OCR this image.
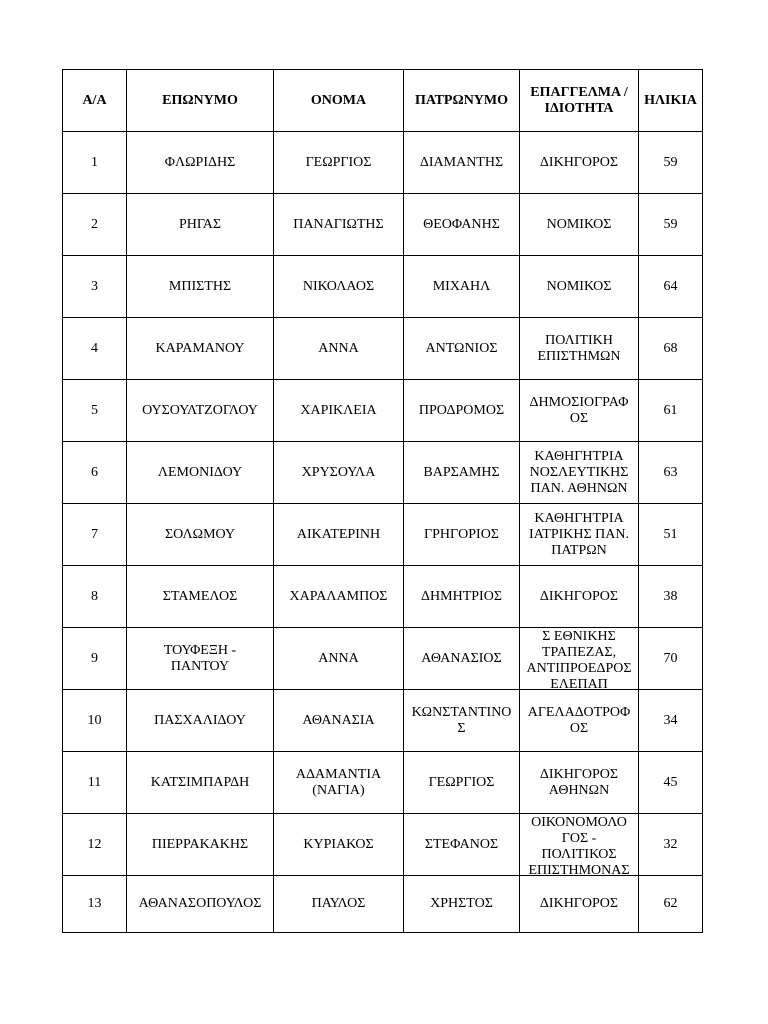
Α/Α	ΕΠΩΝΥΜΟ	ΟΝΟΜΑ	ΠΑΤΡΩΝΥΜΟ	ΕΠΑΓΓΕΛΜΑ / ΙΔΙΟΤΗΤΑ	ΗΛΙΚΙΑ

1	ΦΛΩΡΙΔΗΣ	ΓΕΩΡΓΙΟΣ	ΔΙΑΜΑΝΤΗΣ	ΔΙΚΗΓΟΡΟΣ	59

2	ΡΗΓΑΣ	ΠΑΝΑΓΙΩΤΗΣ	ΘΕΟΦΑΝΗΣ	ΝΟΜΙΚΟΣ	59

3	ΜΠΙΣΤΗΣ	ΝΙΚΟΛΑΟΣ	ΜΙΧΑΗΛ	ΝΟΜΙΚΟΣ	64

4	ΚΑΡΑΜΑΝΟΥ	ΑΝΝΑ	ΑΝΤΩΝΙΟΣ	ΠΟΛΙΤΙΚΗ
ΕΠΙΣΤΗΜΩΝ	68

5	ΟΥΣΟΥΛΤΖΟΓΛΟΥ	ΧΑΡΙΚΛΕΙΑ	ΠΡΟΔΡΟΜΟΣ	ΔΗΜΟΣΙΟΓΡΑΦ
ΟΣ	61

6	ΛΕΜΟΝΙΔΟΥ	ΧΡΥΣΟΥΛΑ	ΒΑΡΣΑΜΗΣ	ΚΑΘΗΓΗΤΡΙΑ
ΝΟΣΛΕΥΤΙΚΗΣ
ΠΑΝ. ΑΘΗΝΩΝ	63

7	ΣΟΛΩΜΟΥ	ΑΙΚΑΤΕΡΙΝΗ	ΓΡΗΓΟΡΙΟΣ	ΚΑΘΗΓΗΤΡΙΑ
ΙΑΤΡΙΚΗΣ ΠΑΝ.
ΠΑΤΡΩΝ	51

8	ΣΤΑΜΕΛΟΣ	ΧΑΡΑΛΑΜΠΟΣ	ΔΗΜΗΤΡΙΟΣ	ΔΙΚΗΓΟΡΟΣ	38

9	ΤΟΥΦΕΞΗ -
ΠΑΝΤΟΥ	ΑΝΝΑ	ΑΘΑΝΑΣΙΟΣ	Σ ΕΘΝΙΚΗΣ
ΤΡΑΠΕΖΑΣ,
ΑΝΤΙΠΡΟΕΔΡΟΣ
ΕΛΕΠΑΠ	70

10	ΠΑΣΧΑΛΙΔΟΥ	ΑΘΑΝΑΣΙΑ	ΚΩΝΣΤΑΝΤΙΝΟ
Σ	ΑΓΕΛΑΔΟΤΡΟΦ
ΟΣ	34

11	ΚΑΤΣΙΜΠΑΡΔΗ	ΑΔΑΜΑΝΤΙΑ
(ΝΑΓΙΑ)	ΓΕΩΡΓΙΟΣ	ΔΙΚΗΓΟΡΟΣ
ΑΘΗΝΩΝ	45

12	ΠΙΕΡΡΑΚΑΚΗΣ	ΚΥΡΙΑΚΟΣ	ΣΤΕΦΑΝΟΣ	ΟΙΚΟΝΟΜΟΛΟ
ΓΟΣ -
ΠΟΛΙΤΙΚΟΣ
ΕΠΙΣΤΗΜΟΝΑΣ	32

13	ΑΘΑΝΑΣΟΠΟΥΛΟΣ	ΠΑΥΛΟΣ	ΧΡΗΣΤΟΣ	ΔΙΚΗΓΟΡΟΣ	62
